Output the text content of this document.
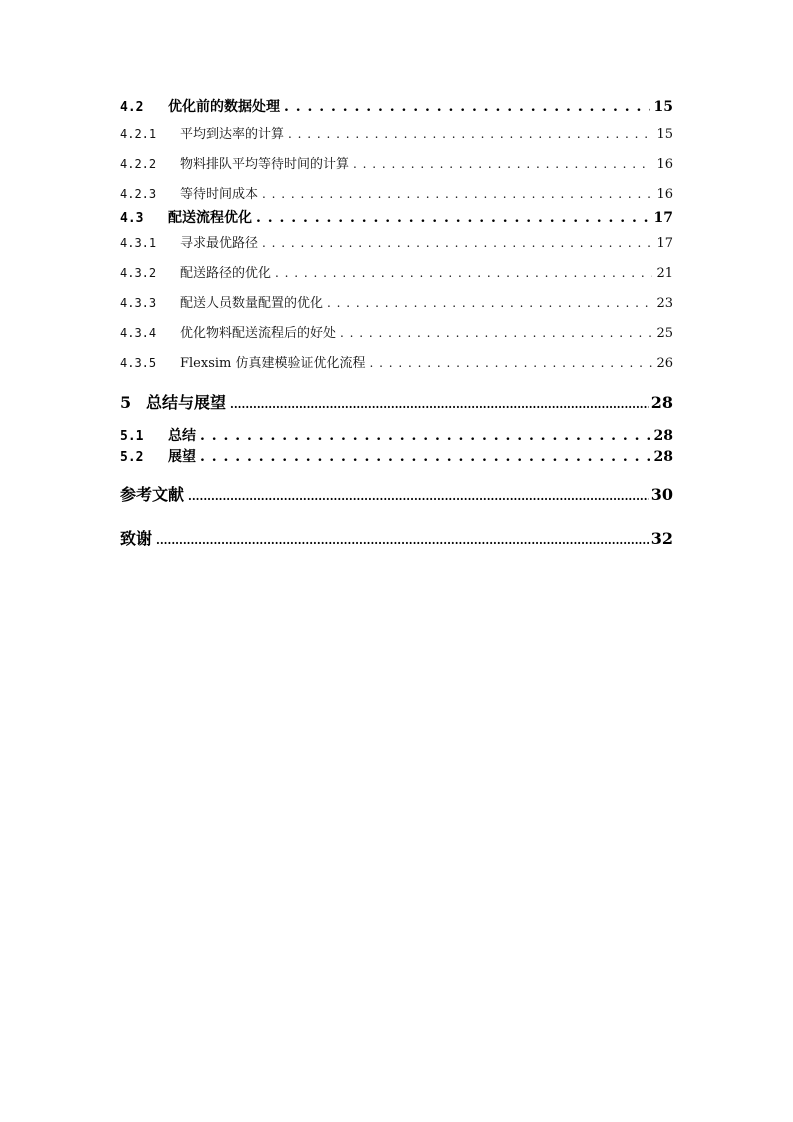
4.2	优化前的数据处理 . . .	15
4.2.1	平均到达率的计算 . . .	15
4.2.2	物料排队平均等待时间的计算 . . .	16
4.2.3	等待时间成本 . . .	16
4.3	配送流程优化 . . .	17
4.3.1	寻求最优路径 . . .	17
4.3.2	配送路径的优化 . . .	21
4.3.3	配送人员数量配置的优化 . . .	23
4.3.4	优化物料配送流程后的好处 . . .	25
4.3.5	Flexsim 仿真建模验证优化流程 . . .	26
5 总结与展望 .....	28
5.1	总结 . . .	28
5.2	展望 . . .	28
参考文献 .....	30
致谢 .....	32
